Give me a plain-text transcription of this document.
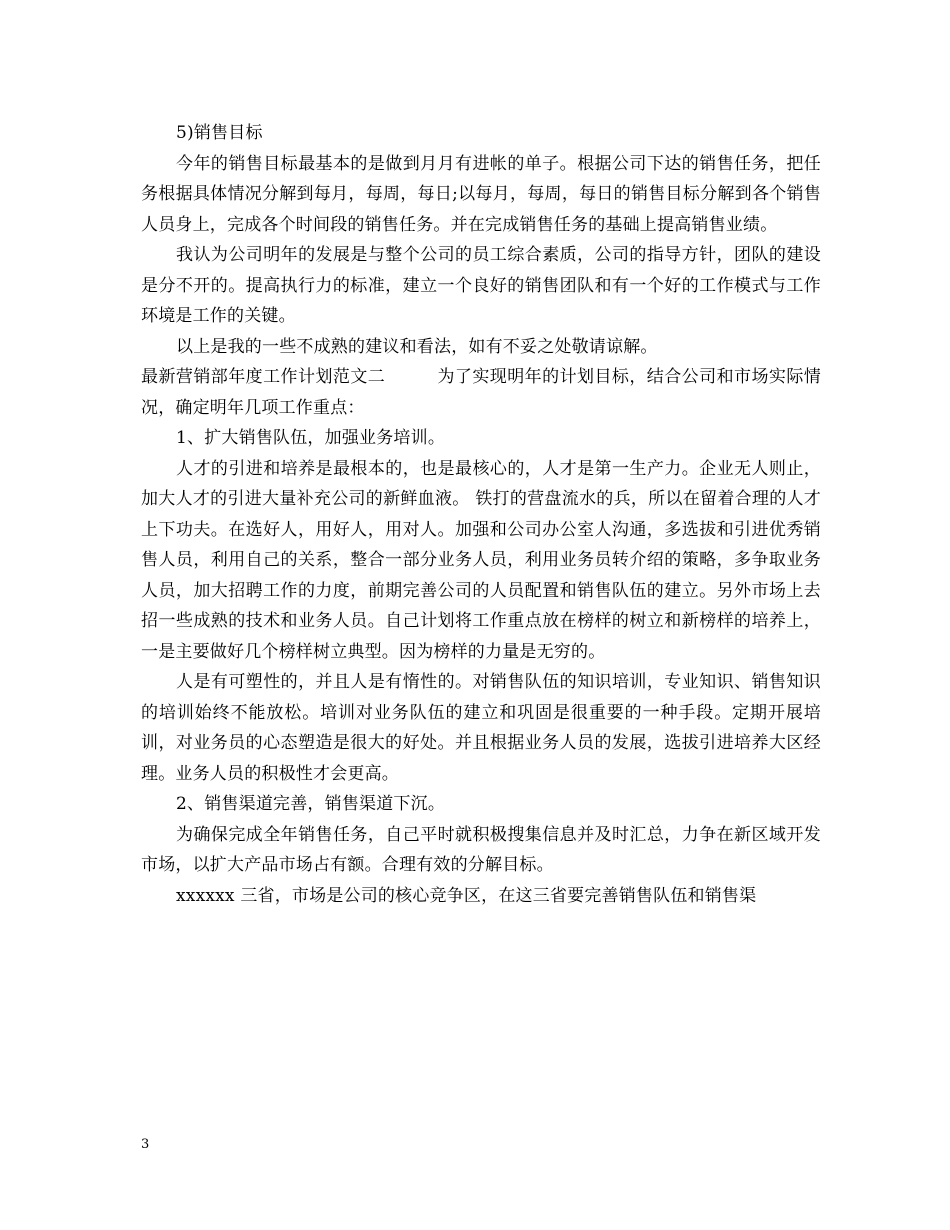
5)销售目标

今年的销售目标最基本的是做到月月有进帐的单子。根据公司下达的销售任务，把任务根据具体情况分解到每月，每周，每日;以每月，每周，每日的销售目标分解到各个销售人员身上，完成各个时间段的销售任务。并在完成销售任务的基础上提高销售业绩。

我认为公司明年的发展是与整个公司的员工综合素质，公司的指导方针，团队的建设是分不开的。提高执行力的标准，建立一个良好的销售团队和有一个好的工作模式与工作环境是工作的关键。

以上是我的一些不成熟的建议和看法，如有不妥之处敬请谅解。

最新营销部年度工作计划范文二	为了实现明年的计划目标，结合公司和市场实际情况，确定明年几项工作重点：

1、扩大销售队伍，加强业务培训。

人才的引进和培养是最根本的，也是最核心的，人才是第一生产力。企业无人则止，加大人才的引进大量补充公司的新鲜血液。 铁打的营盘流水的兵，所以在留着合理的人才上下功夫。在选好人，用好人，用对人。加强和公司办公室人沟通，多选拔和引进优秀销售人员，利用自己的关系，整合一部分业务人员，利用业务员转介绍的策略，多争取业务人员，加大招聘工作的力度，前期完善公司的人员配置和销售队伍的建立。另外市场上去招一些成熟的技术和业务人员。自己计划将工作重点放在榜样的树立和新榜样的培养上，一是主要做好几个榜样树立典型。因为榜样的力量是无穷的。

人是有可塑性的，并且人是有惰性的。对销售队伍的知识培训，专业知识、销售知识的培训始终不能放松。培训对业务队伍的建立和巩固是很重要的一种手段。定期开展培训，对业务员的心态塑造是很大的好处。并且根据业务人员的发展，选拔引进培养大区经理。业务人员的积极性才会更高。

2、销售渠道完善，销售渠道下沉。

为确保完成全年销售任务，自己平时就积极搜集信息并及时汇总，力争在新区域开发市场，以扩大产品市场占有额。合理有效的分解目标。

xxxxxx 三省，市场是公司的核心竞争区，在这三省要完善销售队伍和销售渠

3
